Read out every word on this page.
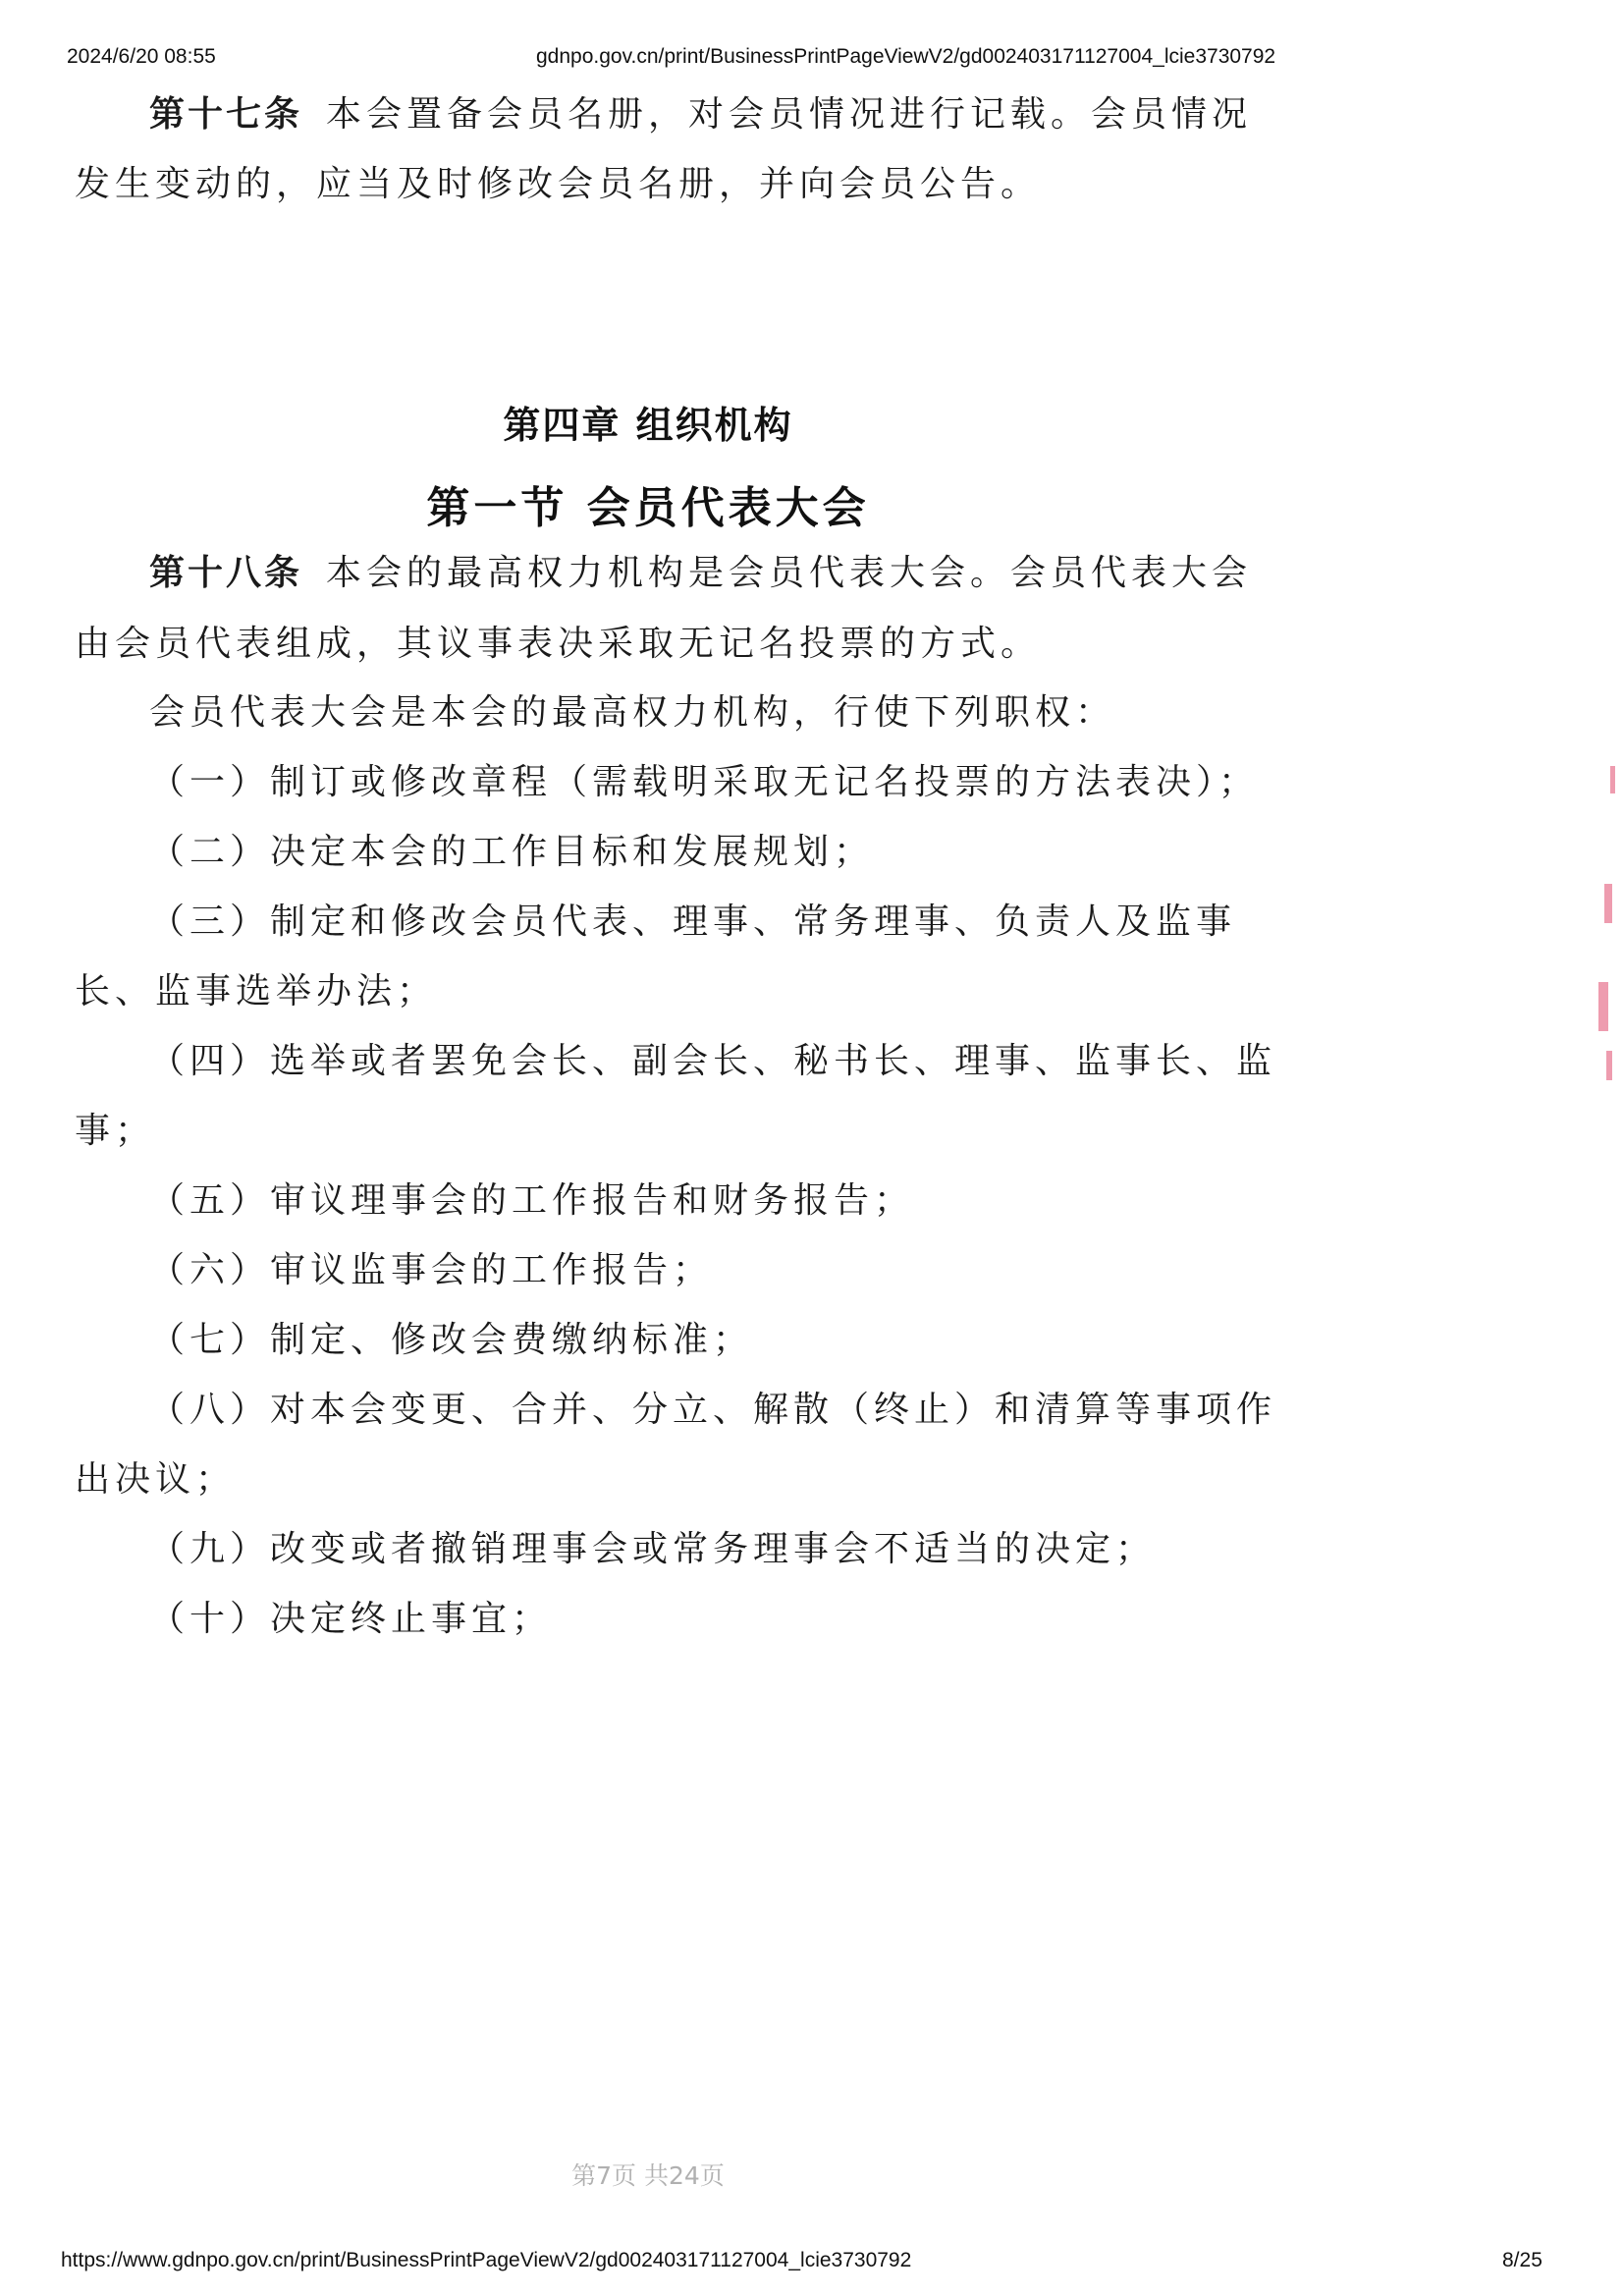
2024/6/20 08:55	gdnpo.gov.cn/print/BusinessPrintPageViewV2/gd002403171127004_lcie3730792
第十七条 本会置备会员名册，对会员情况进行记载。会员情况
发生变动的，应当及时修改会员名册，并向会员公告。
第四章 组织机构
第一节 会员代表大会
第十八条 本会的最高权力机构是会员代表大会。会员代表大会
由会员代表组成，其议事表决采取无记名投票的方式。
会员代表大会是本会的最高权力机构，行使下列职权：
（一）制订或修改章程（需载明采取无记名投票的方法表决）；
（二）决定本会的工作目标和发展规划；
（三）制定和修改会员代表、理事、常务理事、负责人及监事
长、监事选举办法；
（四）选举或者罢免会长、副会长、秘书长、理事、监事长、监
事；
（五）审议理事会的工作报告和财务报告；
（六）审议监事会的工作报告；
（七）制定、修改会费缴纳标准；
（八）对本会变更、合并、分立、解散（终止）和清算等事项作
出决议；
（九）改变或者撤销理事会或常务理事会不适当的决定；
（十）决定终止事宜；
第7页 共24页
https://www.gdnpo.gov.cn/print/BusinessPrintPageViewV2/gd002403171127004_lcie3730792	8/25
